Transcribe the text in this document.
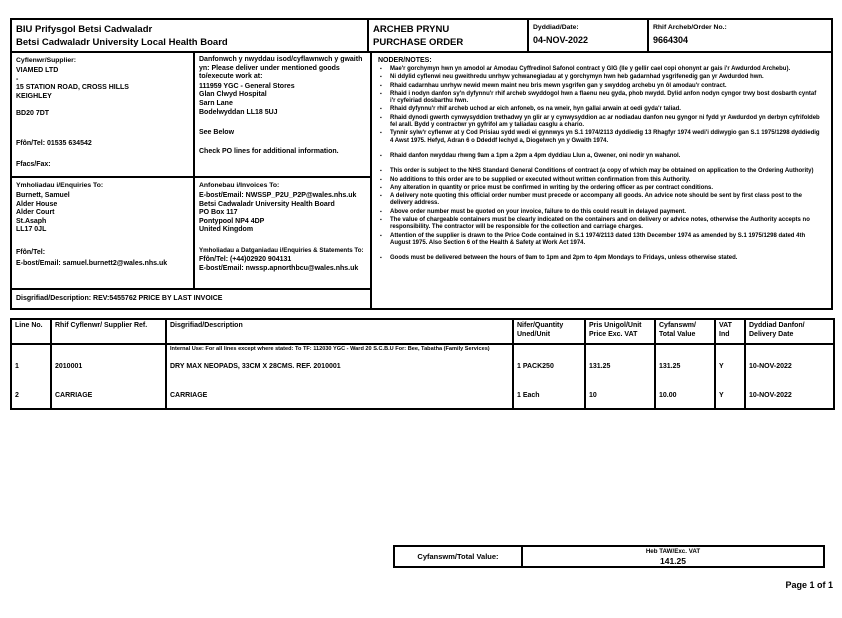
BIU Prifysgol Betsi Cadwaladr
Betsi Cadwaladr University Local Health Board
ARCHEB PRYNU
PURCHASE ORDER
Dyddiad/Date:
04-NOV-2022
Rhif Archeb/Order No.:
9664304
Cyflenwr/Supplier:
VIAMED LTD
-
15 STATION ROAD, CROSS HILLS
KEIGHLEY

BD20 7DT
Ffôn/Tel: 01535 634542
Ffacs/Fax:
Danfonwch y nwyddau isod/cyflawnwch y gwaith yn: Please deliver under mentioned goods to/execute work at:
111959 YGC - General Stores
Glan Clwyd Hospital
Sarn Lane
Bodelwyddan LL18 5UJ
See Below
Check PO lines for additional information.
NODER/NOTES:
▪	Mae'r gorchymyn hwn yn amodol ar Amodau Cyffredinol Safonol contract y GIG (lle y gellir cael copi ohonynt ar gais i'r Awdurdod Archebu).
▪	Ni ddylid cyflenwi neu gweithredu unrhyw ychwanegiadau at y gorchymyn hwn heb gadarnhad ysgrifenedig gan yr Awdurdod hwn.
▪	Rhaid cadarnhau unrhyw newid mewn maint neu bris mewn ysgrifen gan y swyddog archebu yn ôl amodau'r contract.
▪	Rhaid i nodyn danfon sy'n dyfynnu'r rhif archeb swyddogol hwn a flaenu neu gyda, phob nwydd. Dylid anfon nodyn cyngor trwy bost dosbarth cyntaf i'r cyfeiriad dosbarthu hwn.
▪	Rhaid dyfynnu'r rhif archeb uchod ar eich anfoneb, os na wneir, hyn gallai arwain at oedi gyda'r taliad.
▪	Rhaid dynodi gwerth cynwysyddion trethadwy yn glir ar y cynwysyddion ac ar nodiadau danfon neu gyngor ni fydd yr Awdurdod yn derbyn cyfrifoldeb fel arall. Bydd y contractwr yn gyfrifol am y taliadau casglu a chario.
▪	Tynnir sylw'r cyflenwr at y Cod Prisiau sydd wedi ei gynnwys yn S.1 1974/2113 dyddiedig 13 Rhagfyr 1974 wedi'i ddiwygio gan S.1 1975/1298 dyddiedig 4 Awst 1975. Hefyd, Adran 6 o Ddeddf Iechyd a, Diogelwch yn y Gwaith 1974.
▪	Rhaid danfon nwyddau rhwng 9am a 1pm a 2pm a 4pm dyddiau Llun a, Gwener, oni nodir yn wahanol.
▪	This order is subject to the NHS Standard General Conditions of contract (a copy of which may be obtained on application to the Ordering Authority)
▪	No additions to this order are to be supplied or executed without written confirmation from this Authority.
▪	Any alteration in quantity or price must be confirmed in writing by the ordering officer as per contract conditions.
▪	A delivery note quoting this official order number must precede or accompany all goods. An advice note should be sent by first class post to the delivery address.
▪	Above order number must be quoted on your invoice, failure to do this could result in delayed payment.
▪	The value of chargeable containers must be clearly indicated on the containers and on delivery or advice notes, otherwise the Authority accepts no responsibility. The contractor will be responsible for the collection and carriage charges.
▪	Attention of the supplier is drawn to the Price Code contained in S.1 1974/2113 dated 13th December 1974 as amended by S.1 1975/1298 dated 4th August 1975. Also Section 6 of the Health & Safety at Work Act 1974.
▪	Goods must be delivered between the hours of 9am to 1pm and 2pm to 4pm Mondays to Fridays, unless otherwise stated.
Ymholiadau i/Enquiries To:
Burnett, Samuel
Alder House
Alder Court
St.Asaph
LL17 0JL
Ffôn/Tel:
E-bost/Email: samuel.burnett2@wales.nhs.uk
Anfonebau i/Invoices To:
E-bost/Email: NWSSP_P2U_P2P@wales.nhs.uk
Betsi Cadwaladr University Health Board
PO Box 117
Pontypool NP4 4DP
United Kingdom
Ymholiadau a Datganiadau i/Enquiries & Statements To:
Ffôn/Tel: (+44)02920 904131
E-bost/Email: nwssp.apnorthbcu@wales.nhs.uk
Disgrifiad/Description: REV:5455762 PRICE BY LAST INVOICE
Line No.	Rhif Cyflenwr/ Supplier Ref.	Disgrifiad/Description	Nifer/Quantity Uned/Unit	Pris Unigol/Unit Price Exc. VAT	Cyfanswm/ Total Value	VAT Ind	Dyddiad Danfon/ Delivery Date
		Internal Use: For all lines except where stated: To TF: 112030 YGC - Ward 20 S.C.B.U For: Bee, Tabatha (Family Services)					
1	2010001	DRY MAX NEOPADS, 33CM X 28CMS. REF. 2010001	1 PACK250	131.25	131.25	Y	10-NOV-2022
2	CARRIAGE	CARRIAGE	1 Each	10	10.00	Y	10-NOV-2022
Cyfanswm/Total Value:
Heb TAW/Exc. VAT
141.25
Page 1 of 1
